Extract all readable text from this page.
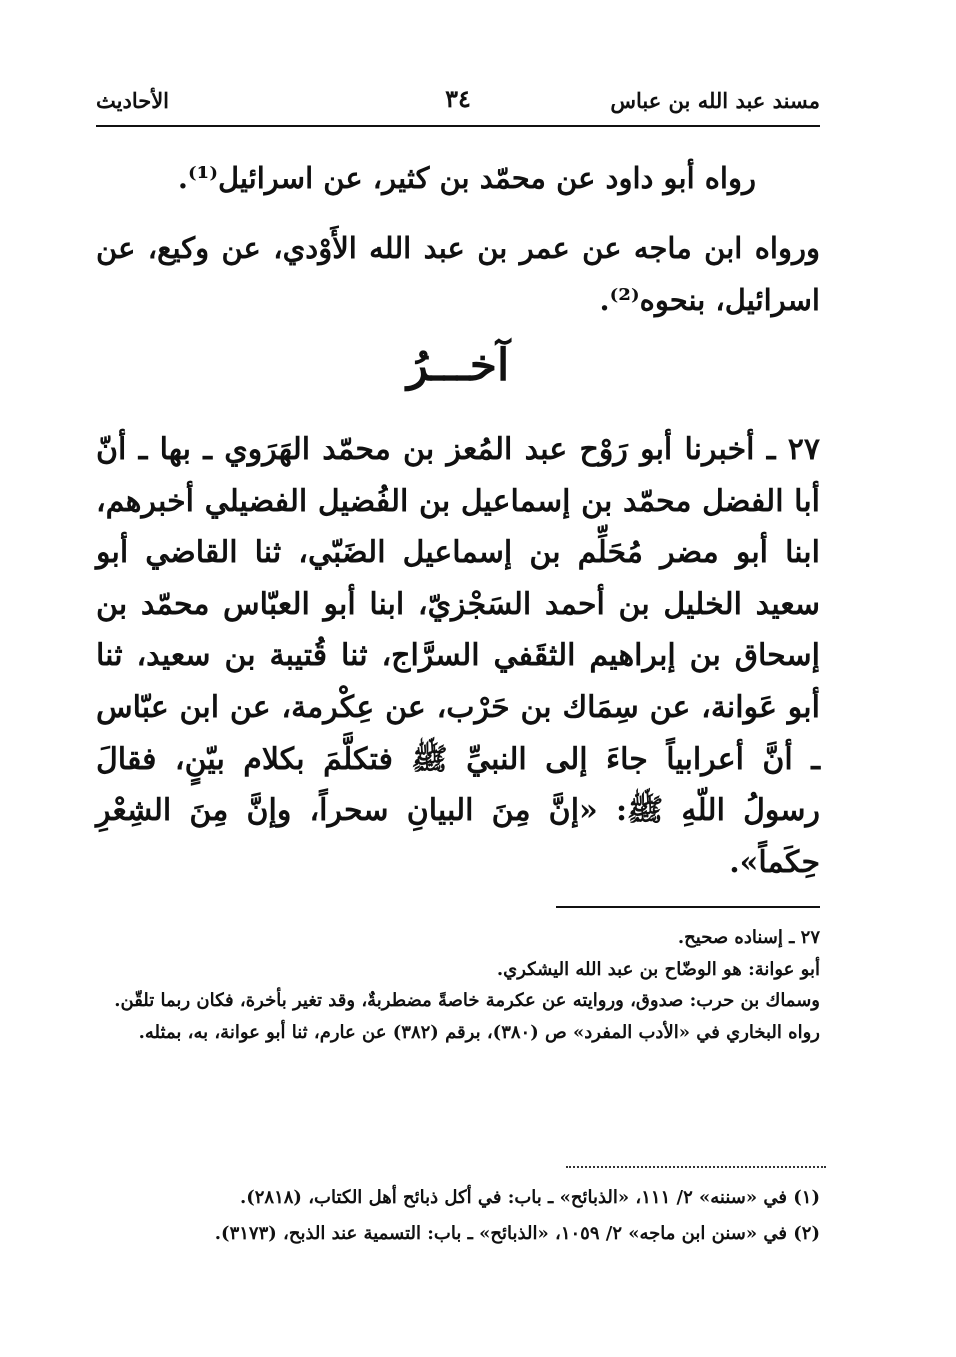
مسند عبد الله بن عباس
٣٤
الأحاديث
رواه أبو داود عن محمّد بن كثير، عن اسرائيل⁽¹⁾.
ورواه ابن ماجه عن عمر بن عبد الله الأَوْدي، عن وكيع، عن اسرائيل، بنحوه⁽²⁾.
آخـــرُ
٢٧ ـ أخبرنا أبو رَوْح عبد المُعز بن محمّد الهَرَوي ـ بها ـ أنّ أبا الفضل محمّد بن إسماعيل بن الفُضيل الفضيلي أخبرهم، ابنا أبو مضر مُحَلِّم بن إسماعيل الضَبّي، ثنا القاضي أبو سعيد الخليل بن أحمد السَجْزيّ، ابنا أبو العبّاس محمّد بن إسحاق بن إبراهيم الثقَفي السرَّاج، ثنا قُتيبة بن سعيد، ثنا أبو عَوانة، عن سِمَاك بن حَرْب، عن عِكْرمة، عن ابن عبّاس ـ أنَّ أعرابياً جاءَ إلى النبيِّ ﷺ فتكلَّمَ بكلام بيّنٍ، فقالَ رسولُ اللّهِ ﷺ: «إنَّ مِنَ البيانِ سحراً، وإنَّ مِنَ الشِعْرِ حِكَماً».
٢٧ ـ إسناده صحيح.
أبو عوانة: هو الوضّاح بن عبد الله اليشكري.
وسماك بن حرب: صدوق، وروايته عن عكرمة خاصةً مضطربةٌ، وقد تغير بأخرة، فكان ربما تلقّن.
رواه البخاري في «الأدب المفرد» ص (٣٨٠)، برقم (٣٨٢) عن عارم، ثنا أبو عوانة، به، بمثله.
(١) في «سننه» ٢/ ١١١، «الذبائح» ـ باب: في أكل ذبائح أهل الكتاب، (٢٨١٨).
(٢) في «سنن ابن ماجه» ٢/ ١٠٥٩، «الذبائح» ـ باب: التسمية عند الذبح، (٣١٧٣).
